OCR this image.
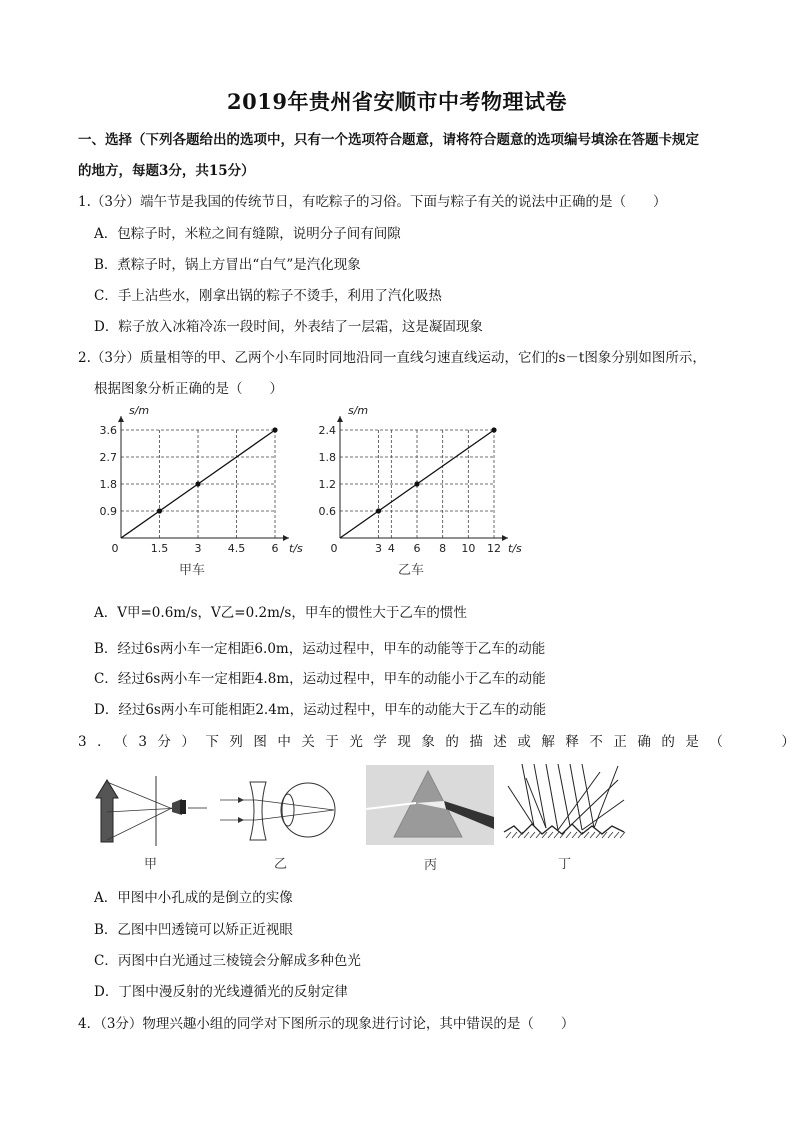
2019年贵州省安顺市中考物理试卷
一、选择（下列各题给出的选项中，只有一个选项符合题意，请将符合题意的选项编号填涂在答题卡规定
的地方，每题3分，共15分）
1.（3分）端午节是我国的传统节日，有吃粽子的习俗。下面与粽子有关的说法中正确的是（　　）
A．包粽子时，米粒之间有缝隙，说明分子间有间隙
B．煮粽子时，锅上方冒出“白气”是汽化现象
C．手上沾些水，刚拿出锅的粽子不烫手，利用了汽化吸热
D．粽子放入冰箱冷冻一段时间，外表结了一层霜，这是凝固现象
2.（3分）质量相等的甲、乙两个小车同时同地沿同一直线匀速直线运动，它们的s－t图象分别如图所示，
根据图象分析正确的是（　　）
0.9
1.8
2.7
3.6
s/m
t/s
0	1.5 3 4.5 6
甲车
0.6
1.2
1.8
2.4
s/m
t/s
0	3 4 6 8 10 12
乙车
A．V甲=0.6m/s，V乙=0.2m/s，甲车的惯性大于乙车的惯性
B．经过6s两小车一定相距6.0m，运动过程中，甲车的动能等于乙车的动能
C．经过6s两小车一定相距4.8m，运动过程中，甲车的动能小于乙车的动能
D．经过6s两小车可能相距2.4m，运动过程中，甲车的动能大于乙车的动能
3．（3分）下列图中关于光学现象的描述或解释不正确的是（　　）
甲	乙	丙	丁
A．甲图中小孔成的是倒立的实像
B．乙图中凹透镜可以矫正近视眼
C．丙图中白光通过三棱镜会分解成多种色光
D．丁图中漫反射的光线遵循光的反射定律
4．（3分）物理兴趣小组的同学对下图所示的现象进行讨论，其中错误的是（　　）
